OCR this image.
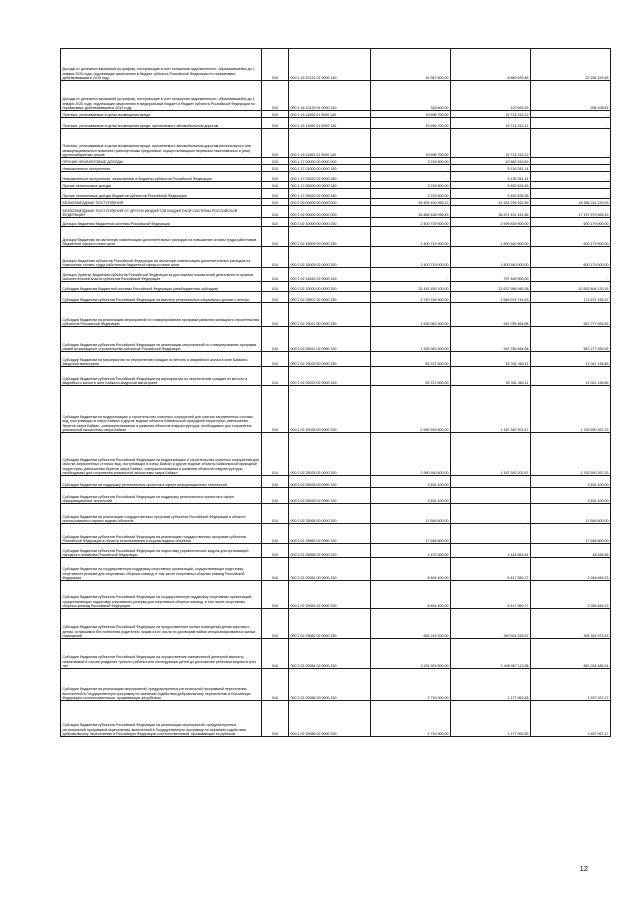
Доходы от денежных взысканий (штрафов), поступающие в счет погашения задолженности, образовавшейся до 1 января 2020 года, подлежащие зачислению в бюджет субъекта Российской Федерации по нормативам, действовавшим в 2019 году	010	000 1 16 10122 01 0000 140	15 367 600,00	-6 889 530,48	22 256 192,48
Доходы от денежных взысканий (штрафов), поступающие в счет погашения задолженности, образовавшейся до 1 января 2020 года, подлежащие зачислению в федеральный бюджет и бюджет субъекта Российской Федерации по нормативам, действовавшим в 2019 году	010	000 1 16 10129 01 0000 140	326 800,00	120 693,39	206 106,61
Платежи, уплачиваемые в целях возмещения вреда	010	000 1 16 11000 01 0000 140	15 696 700,00	15 714 313,12	-
Платежи, уплачиваемые в целях возмещения вреда, причиняемого автомобильным дорогам	010	000 1 16 11060 01 0000 140	15 696 700,00	15 714 313,12	-
Платежи, уплачиваемые в целях возмещения вреда, причиняемого автомобильным дорогам регионального или межмуниципального значения транспортными средствами, осуществляющими перевозки тяжеловесных и (или) крупногабаритных грузов	010	000 1 16 11063 01 0000 140	15 696 700,00	15 714 313,12	-
ПРОЧИЕ НЕНАЛОГОВЫЕ ДОХОДЫ	010	000 1 17 00000 00 0000 000	3 218 500,00	10 582 915,69	-
Невыясненные поступления	010	000 1 17 01000 00 0000 180	-	5 130 281,14	-
Невыясненные поступления, зачисляемые в бюджеты субъектов Российской Федерации	010	000 1 17 01020 02 0000 180	-	5 130 281,14	-
Прочие неналоговые доходы	010	000 1 17 05000 00 0000 180	3 218 500,00	5 452 634,55	-
Прочие неналоговые доходы бюджетов субъектов Российской Федерации	010	000 1 17 05020 02 0000 180	3 218 500,00	5 452 634,55	-
БЕЗВОЗМЕЗДНЫЕ ПОСТУПЛЕНИЯ	010	000 2 00 00000 00 0000 000	59 409 100 950,13	42 163 799 162,59	18 386 241 229,93
БЕЗВОЗМЕЗДНЫЕ ПОСТУПЛЕНИЯ ОТ ДРУГИХ БЮДЖЕТОВ БЮДЖЕТНОЙ СИСТЕМЫ РОССИЙСКОЙ ФЕДЕРАЦИИ	010	000 2 02 00000 00 0000 000	54 864 638 096,43	38 471 431 441,66	17 197 575 569,43
Дотации бюджетам бюджетной системы Российской Федерации	010	000 2 02 10000 00 0000 150	2 400 719 000,00	2 599 839 900,00	600 179 000,00
Дотации бюджетам на частичную компенсацию дополнительных расходов на повышение оплаты труда работников бюджетной сферы и иные цели	010	000 2 02 15009 00 0000 150	2 400 719 000,00	1 800 540 000,00	600 179 000,00
Дотации бюджетам субъектов Российской Федерации на частичную компенсацию дополнительных расходов на повышение оплаты труда работников бюджетной сферы и иные цели	010	000 2 02 15009 02 0000 150	2 400 719 000,00	1 800 540 000,00	600 179 000,00
Дотации (гранты) бюджетам субъектов Российской Федерации за достижение показателей деятельности органов исполнительной власти субъектов Российской Федерации	010	000 2 02 16549 02 0000 150	-	797 489 900,00	-
Субсидии бюджетам бюджетной системы Российской Федерации (межбюджетные субсидии)	010	000 2 02 20000 00 0000 150	33 181 459 100,00	22 637 956 945,38	10 552 894 133,16
Субсидии бюджетам субъектов Российской Федерации на выплату региональных социальных доплат к пенсии	010	000 2 02 25007 02 0000 150	2 740 746 900,00	2 569 074 744,63	171 671 155,37
Субсидии бюджетам на реализацию мероприятий по стимулированию программ развития жилищного строительства субъектов Российской Федерации	010	000 2 02 25021 00 0000 150	1 530 063 300,00	942 785 464,08	587 277 835,92
Субсидии бюджетам субъектов Российской Федерации на реализацию мероприятий по стимулированию программ развития жилищного строительства субъектов Российской Федерации	010	000 2 02 25021 02 0000 150	1 530 063 300,00	942 785 464,08	587 277 835,92
Субсидии бюджетам на мероприятия по переселению граждан из ветхого и аварийного жилья в зоне Байкало-Амурской магистрали	010	000 2 02 25023 00 0000 150	63 372 600,00	52 331 463,11	11 041 136,89
Субсидии бюджетам субъектов Российской Федерации на мероприятия по переселению граждан из ветхого и аварийного жилья в зоне Байкало-Амурской магистрали	010	000 2 02 25023 02 0000 150	63 372 600,00	52 331 463,11	11 041 136,89
Субсидии бюджетам на модернизацию и строительство очистных сооружений для очистки загрязненных сточных вод, поступающих в озеро Байкал и другие водные объекты Байкальской природной территории, уменьшения берегов озера Байкал, совершенствования и развития объектов инфраструктуры, необходимых для сохранения уникальной экосистемы озера Байкал	010	000 2 02 25025 00 0000 150	2 950 930 600,00	1 187 340 202,67	1 763 590 397,33
Субсидии бюджетам субъектов Российской Федерации на модернизацию и строительство очистных сооружений для очистки загрязненных сточных вод, поступающих в озеро Байкал и другие водные объекты Байкальской природной территории, уменьшения берегов озера Байкал, совершенствования и развития объектов инфраструктуры, необходимых для сохранения уникальной экосистемы озера Байкал	010	000 2 02 25025 02 0000 150	2 950 930 600,00	1 187 340 202,67	1 763 590 397,33
Субсидии бюджетам на поддержку региональных проектов в сфере информационных технологий	010	000 2 02 25028 00 0000 150	3 534 100,00	-	3 534 100,00
Субсидии бюджетам субъектов Российской Федерации на поддержку региональных проектов в сфере информационных технологий	010	000 2 02 25028 02 0000 150	3 534 100,00	-	3 534 100,00
Субсидии бюджетам на реализацию государственных программ субъектов Российской Федерации в области использования и охраны водных объектов	010	000 2 02 25065 00 0000 150	17 646 600,00	-	17 646 600,00
Субсидии бюджетам субъектов Российской Федерации на реализацию государственных программ субъектов Российской Федерации в области использования и охраны водных объектов	010	000 2 02 25065 02 0000 150	17 646 600,00	-	17 646 600,00
Субсидии бюджетам субъектов Российской Федерации на подготовку управленческих кадров для организаций народного хозяйства Российской Федерации	010	000 2 02 25066 02 0000 150	1 470 300,00	1 424 663,44	45 636,56
Субсидии бюджетам на государственную поддержку спортивных организаций, осуществляющих подготовку спортивного резерва для спортивных сборных команд, в том числе спортивных сборных команд Российской Федерации	010	000 2 02 25081 00 0000 150	8 464 400,00	6 417 550,77	2 046 849,23
Субсидии бюджетам субъектов Российской Федерации на государственную поддержку спортивных организаций, осуществляющих подготовку спортивного резерва для спортивных сборных команд, в том числе спортивных сборных команд Российской Федерации	010	000 2 02 25081 02 0000 150	8 464 400,00	6 417 550,77	2 046 849,23
Субсидии бюджетам субъектов Российской Федерации на предоставление жилых помещений детям-сиротам и детям, оставшимся без попечения родителей, лицам из их числа по договорам найма специализированных жилых помещений	010	000 2 02 25082 02 0000 150	654 249 200,00	349 924 226,57	304 324 973,43
Субсидии бюджетам субъектов Российской Федерации на осуществление ежемесячной денежной выплаты, назначаемой в случае рождения третьего ребенка или последующих детей до достижения ребенком возраста трех лет	010	000 2 02 25084 02 0000 150	2 291 921 600,00	1 446 967 113,08	861 034 486,91
Субсидии бюджетам на реализацию мероприятий, предусмотренных региональной программой переселения, включенной в Государственную программу по оказанию содействия добровольному переселению в Российскую Федерацию соотечественников, проживающих за рубежом	010	000 2 02 25086 00 0000 150	2 715 000,00	1 177 062,83	1 537 937,17
Субсидии бюджетам субъектов Российской Федерации на реализацию мероприятий, предусмотренных региональной программой переселения, включенной в Государственную программу по оказанию содействия добровольному переселению в Российскую Федерацию соотечественников, проживающих за рубежом	010	000 2 02 25086 02 0000 150	2 715 000,00	1 177 062,83	1 537 937,17
12
